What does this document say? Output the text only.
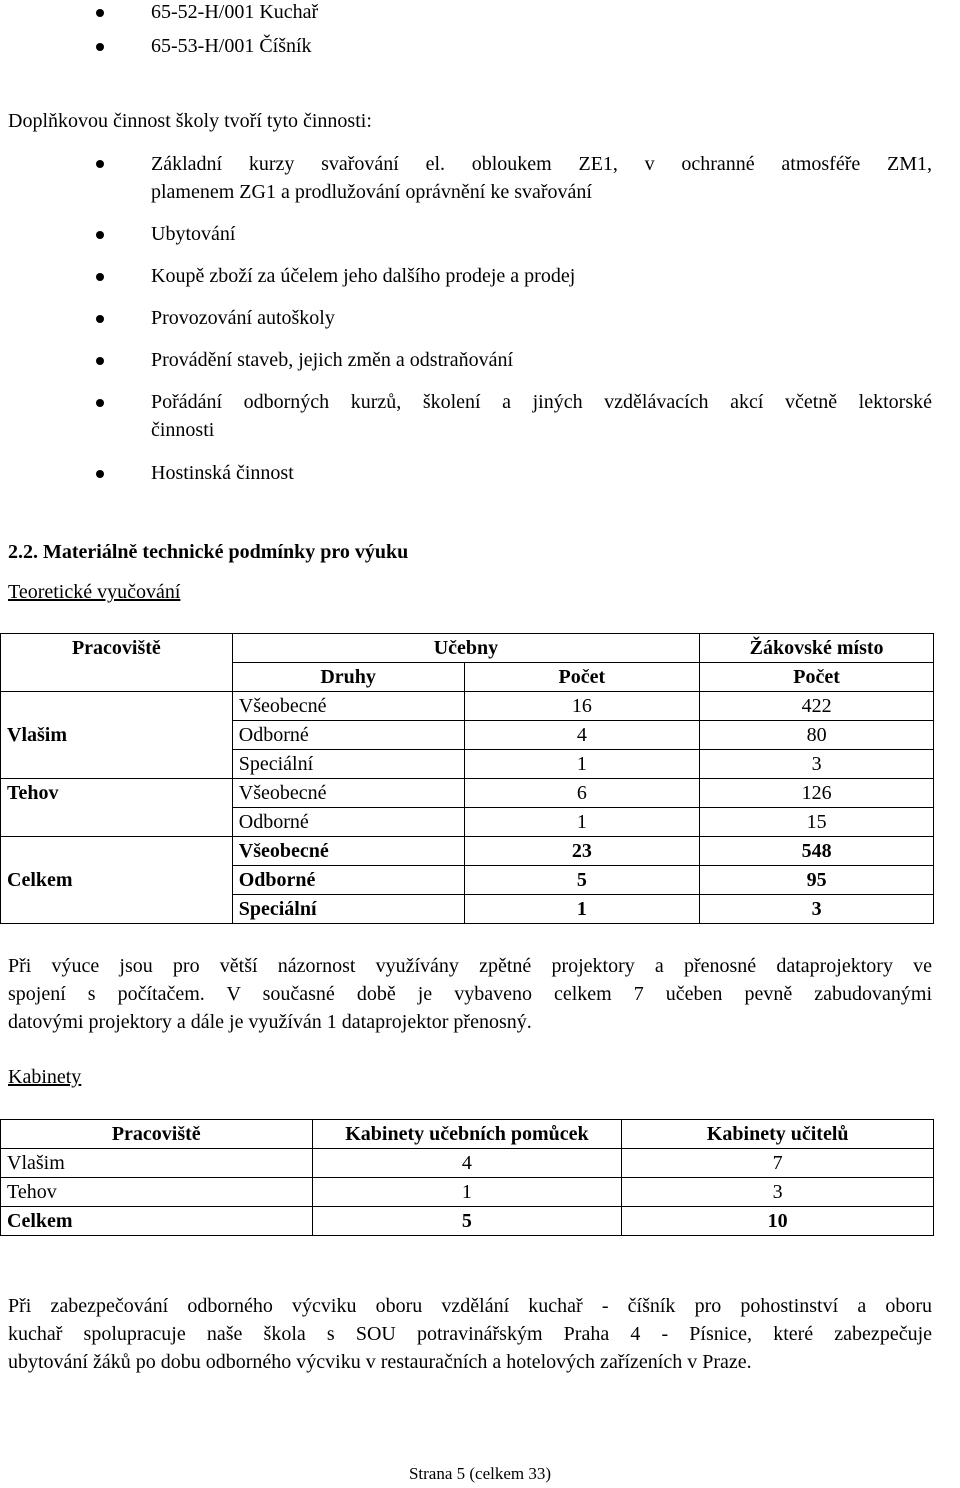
65-52-H/001 Kuchař
65-53-H/001 Číšník
Doplňkovou činnost školy tvoří tyto činnosti:
Základní kurzy svařování el. obloukem ZE1, v ochranné atmosféře ZM1,
plamenem ZG1 a prodlužování oprávnění ke svařování
Ubytování
Koupě zboží za účelem jeho dalšího prodeje a prodej
Provozování autoškoly
Provádění staveb, jejich změn a odstraňování
Pořádání odborných kurzů, školení a jiných vzdělávacích akcí včetně lektorské
činnosti
Hostinská činnost
2.2. Materiálně technické podmínky pro výuku
Teoretické vyučování
Pracoviště	Učebny		Žákovské místo
	Druhy	Počet	Počet
Vlašim	Všeobecné	16	422
	Odborné	4	80
	Speciální	1	3
Tehov	Všeobecné	6	126
	Odborné	1	15
Celkem	Všeobecné	23	548
	Odborné	5	95
	Speciální	1	3
Při výuce jsou pro větší názornost využívány zpětné projektory a přenosné dataprojektory ve
spojení s počítačem. V současné době je vybaveno celkem 7 učeben pevně zabudovanými
datovými projektory a dále je využíván 1 dataprojektor přenosný.
Kabinety
Pracoviště	Kabinety učebních pomůcek	Kabinety učitelů
Vlašim	4	7
Tehov	1	3
Celkem	5	10
Při zabezpečování odborného výcviku oboru vzdělání kuchař - číšník pro pohostinství a oboru
kuchař spolupracuje naše škola s SOU potravinářským Praha 4 - Písnice, které zabezpečuje
ubytování žáků po dobu odborného výcviku v restauračních a hotelových zařízeních v Praze.
Strana 5 (celkem 33)
